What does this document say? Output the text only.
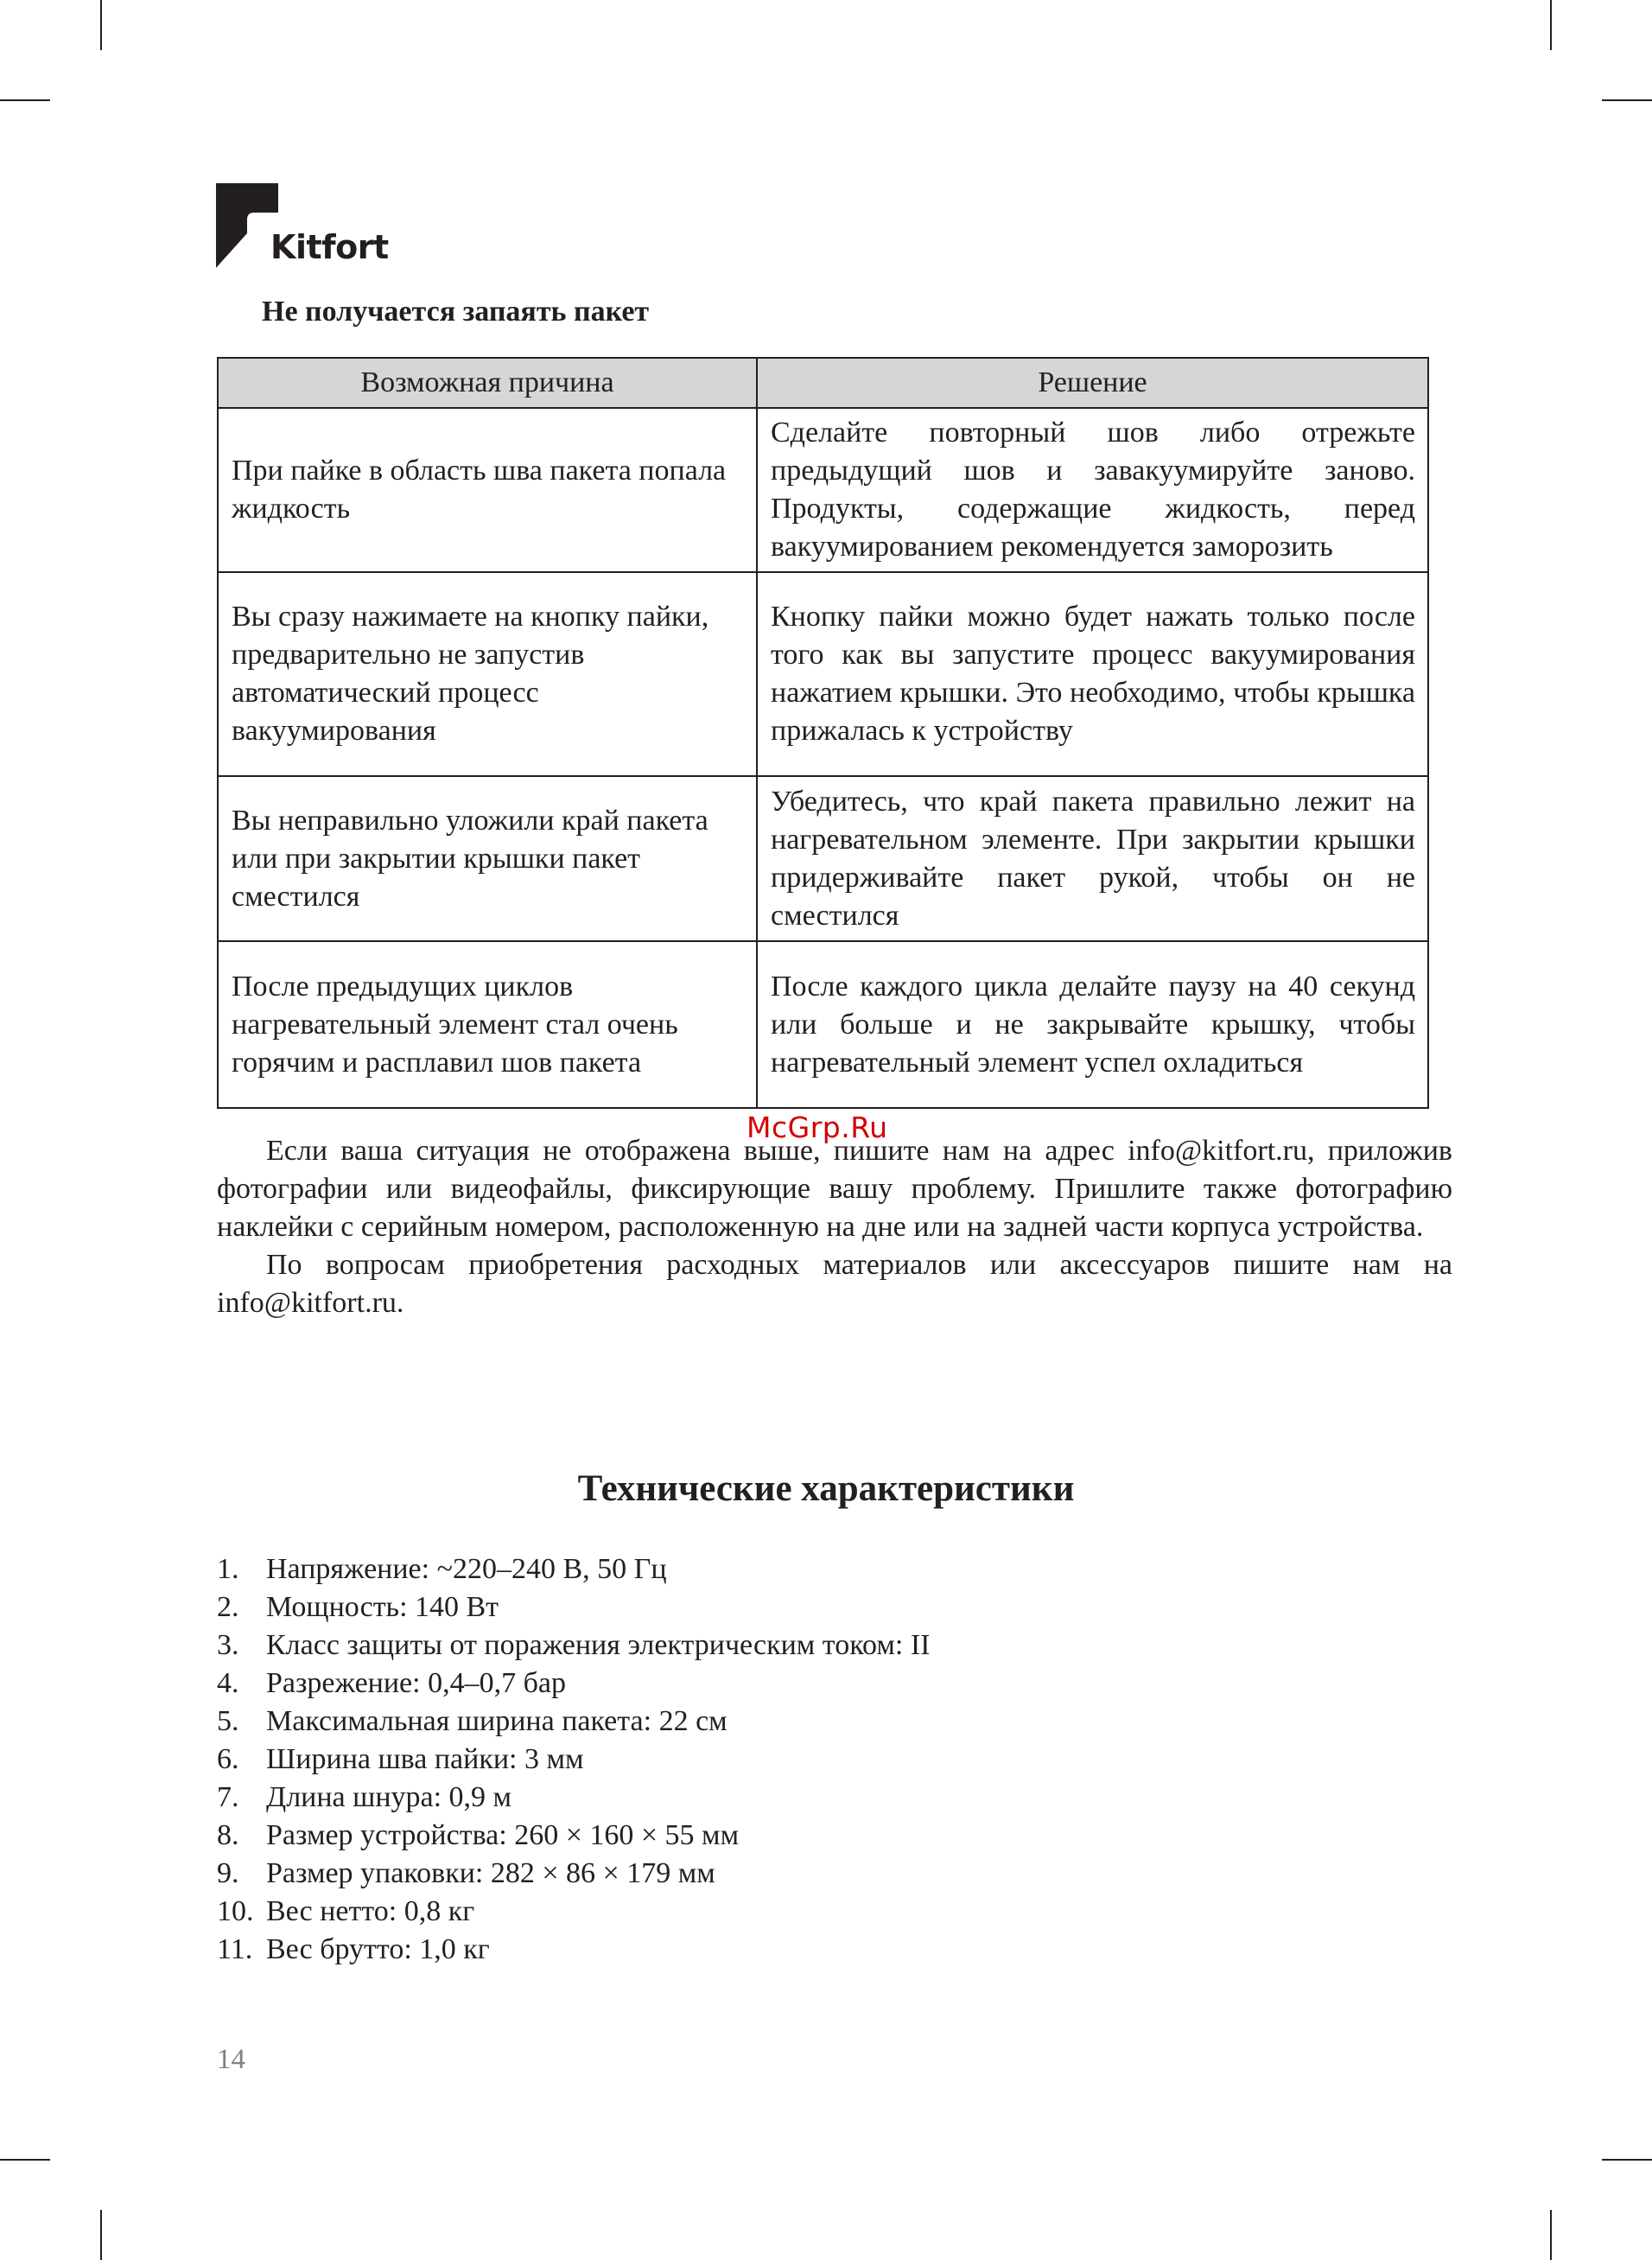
Kitfort
Не получается запаять пакет
Возможная причина	Решение
При пайке в область шва пакета попала жидкость	Сделайте повторный шов либо отрежьте предыдущий шов и завакуумируйте заново. Продукты, содержащие жидкость, перед вакуумированием рекомендуется заморозить
Вы сразу нажимаете на кнопку пайки, предварительно не запустив автоматический процесс вакуумирования	Кнопку пайки можно будет нажать только после того как вы запустите процесс вакуумирования нажатием крышки. Это необходимо, чтобы крышка прижалась к устройству
Вы неправильно уложили край пакета или при закрытии крышки пакет сместился	Убедитесь, что край пакета правильно лежит на нагревательном элементе. При закрытии крышки придерживайте пакет рукой, чтобы он не сместился
После предыдущих циклов нагревательный элемент стал очень горячим и расплавил шов пакета	После каждого цикла делайте паузу на 40 секунд или больше и не закрывайте крышку, чтобы нагревательный элемент успел охладиться
McGrp.Ru

Если ваша ситуация не отображена выше, пишите нам на адрес info@kitfort.ru, приложив фотографии или видеофайлы, фиксирующие вашу проблему. Пришлите также фотографию наклейки с серийным номером, расположенную на дне или на задней части корпуса устройства.

По вопросам приобретения расходных материалов или аксессуаров пишите нам на info@kitfort.ru.

Технические характеристики
1. Напряжение: ~220–240 В, 50 Гц
2. Мощность: 140 Вт
3. Класс защиты от поражения электрическим током: II
4. Разрежение: 0,4–0,7 бар
5. Максимальная ширина пакета: 22 см
6. Ширина шва пайки: 3 мм
7. Длина шнура: 0,9 м
8. Размер устройства: 260 × 160 × 55 мм
9. Размер упаковки: 282 × 86 × 179 мм
10. Вес нетто: 0,8 кг
11. Вес брутто: 1,0 кг
14
